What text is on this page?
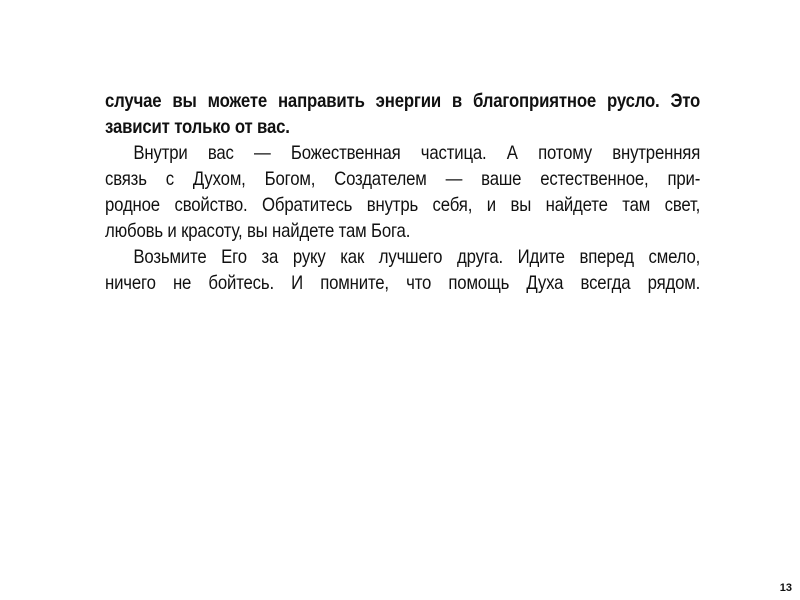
случае вы можете направить энергии в благоприятное русло. Это
зависит только от вас.
Внутри вас — Божественная частица. А потому внутренняя
связь с Духом, Богом, Создателем — ваше естественное, при-
родное свойство. Обратитесь внутрь себя, и вы найдете там свет,
любовь и красоту, вы найдете там Бога.
Возьмите Его за руку как лучшего друга. Идите вперед смело,
ничего не бойтесь. И помните, что помощь Духа всегда рядом.
13
